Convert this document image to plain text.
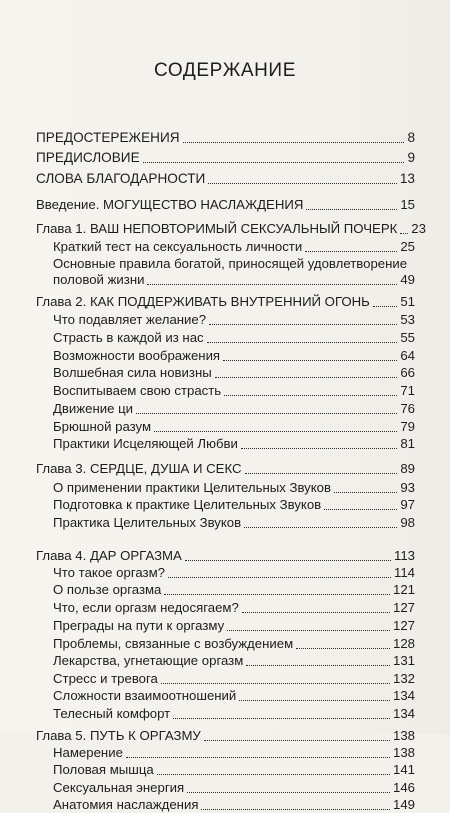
СОДЕРЖАНИЕ
ПРЕДОСТЕРЕЖЕНИЯ	8
ПРЕДИСЛОВИЕ	9
СЛОВА БЛАГОДАРНОСТИ	13
Введение. МОГУЩЕСТВО НАСЛАЖДЕНИЯ	15
Глава 1. ВАШ НЕПОВТОРИМЫЙ СЕКСУАЛЬНЫЙ ПОЧЕРК 23
Краткий тест на сексуальность личности	25
Основные правила богатой, приносящей удовлетворение
половой жизни	49
Глава 2. КАК ПОДДЕРЖИВАТЬ ВНУТРЕННИЙ ОГОНЬ 51
Что подавляет желание?	53
Страсть в каждой из нас	55
Возможности воображения	64
Волшебная сила новизны	66
Воспитываем свою страсть	71
Движение ци	76
Брюшной разум	79
Практики Исцеляющей Любви	81
Глава 3. СЕРДЦЕ, ДУША И СЕКС	89
О применении практики Целительных Звуков	93
Подготовка к практике Целительных Звуков	97
Практика Целительных Звуков	98
Глава 4. ДАР ОРГАЗМА	113
Что такое оргазм?	114
О пользе оргазма	121
Что, если оргазм недосягаем?	127
Преграды на пути к оргазму	127
Проблемы, связанные с возбуждением	128
Лекарства, угнетающие оргазм	131
Стресс и тревога	132
Сложности взаимоотношений	134
Телесный комфорт	134
Глава 5. ПУТЬ К ОРГАЗМУ	138
Намерение	138
Половая мышца	141
Сексуальная энергия	146
Анатомия наслаждения	149
